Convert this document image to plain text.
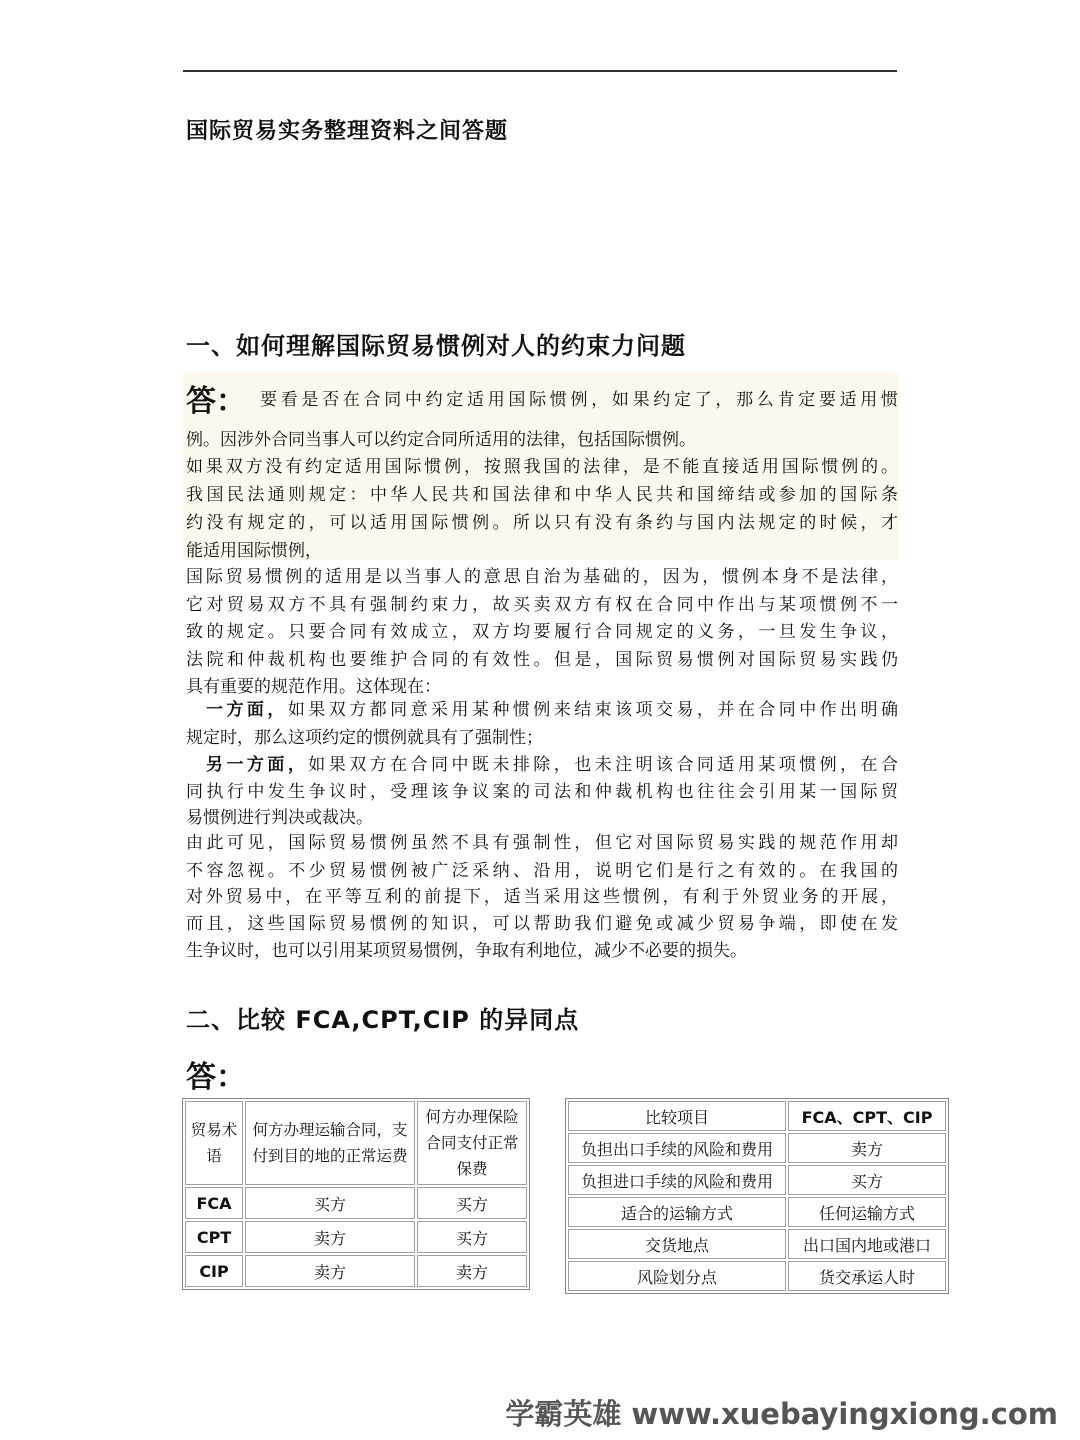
国际贸易实务整理资料之间答题
一、如何理解国际贸易惯例对人的约束力问题
答： 要看是否在合同中约定适用国际惯例，如果约定了，那么肯定要适用惯

例。因涉外合同当事人可以约定合同所适用的法律，包括国际惯例。

如果双方没有约定适用国际惯例，按照我国的法律，是不能直接适用国际惯例的。

我国民法通则规定：中华人民共和国法律和中华人民共和国缔结或参加的国际条

约没有规定的，可以适用国际惯例。所以只有没有条约与国内法规定的时候，才

能适用国际惯例，

国际贸易惯例的适用是以当事人的意思自治为基础的，因为，惯例本身不是法律，

它对贸易双方不具有强制约束力，故买卖双方有权在合同中作出与某项惯例不一

致的规定。只要合同有效成立，双方均要履行合同规定的义务，一旦发生争议，

法院和仲裁机构也要维护合同的有效性。但是，国际贸易惯例对国际贸易实践仍

具有重要的规范作用。这体现在：

一方面，如果双方都同意采用某种惯例来结束该项交易，并在合同中作出明确

规定时，那么这项约定的惯例就具有了强制性；

另一方面，如果双方在合同中既未排除，也未注明该合同适用某项惯例，在合

同执行中发生争议时，受理该争议案的司法和仲裁机构也往往会引用某一国际贸

易惯例进行判决或裁决。

由此可见，国际贸易惯例虽然不具有强制性，但它对国际贸易实践的规范作用却

不容忽视。不少贸易惯例被广泛采纳、沿用，说明它们是行之有效的。在我国的

对外贸易中，在平等互利的前提下，适当采用这些惯例，有利于外贸业务的开展，

而且，这些国际贸易惯例的知识，可以帮助我们避免或减少贸易争端，即使在发

生争议时，也可以引用某项贸易惯例，争取有利地位，减少不必要的损失。

二、比较 FCA,CPT,CIP 的异同点
答：
贸易术语	何方办理运输合同，支付到目的地的正常运费	何方办理保险合同支付正常保费
FCA	买方	买方
CPT	卖方	买方
CIP	卖方	卖方
比较项目	FCA、CPT、CIP
负担出口手续的风险和费用	卖方
负担进口手续的风险和费用	买方
适合的运输方式	任何运输方式
交货地点	出口国内地或港口
风险划分点	货交承运人时
学霸英雄 www.xuebayingxiong.com
